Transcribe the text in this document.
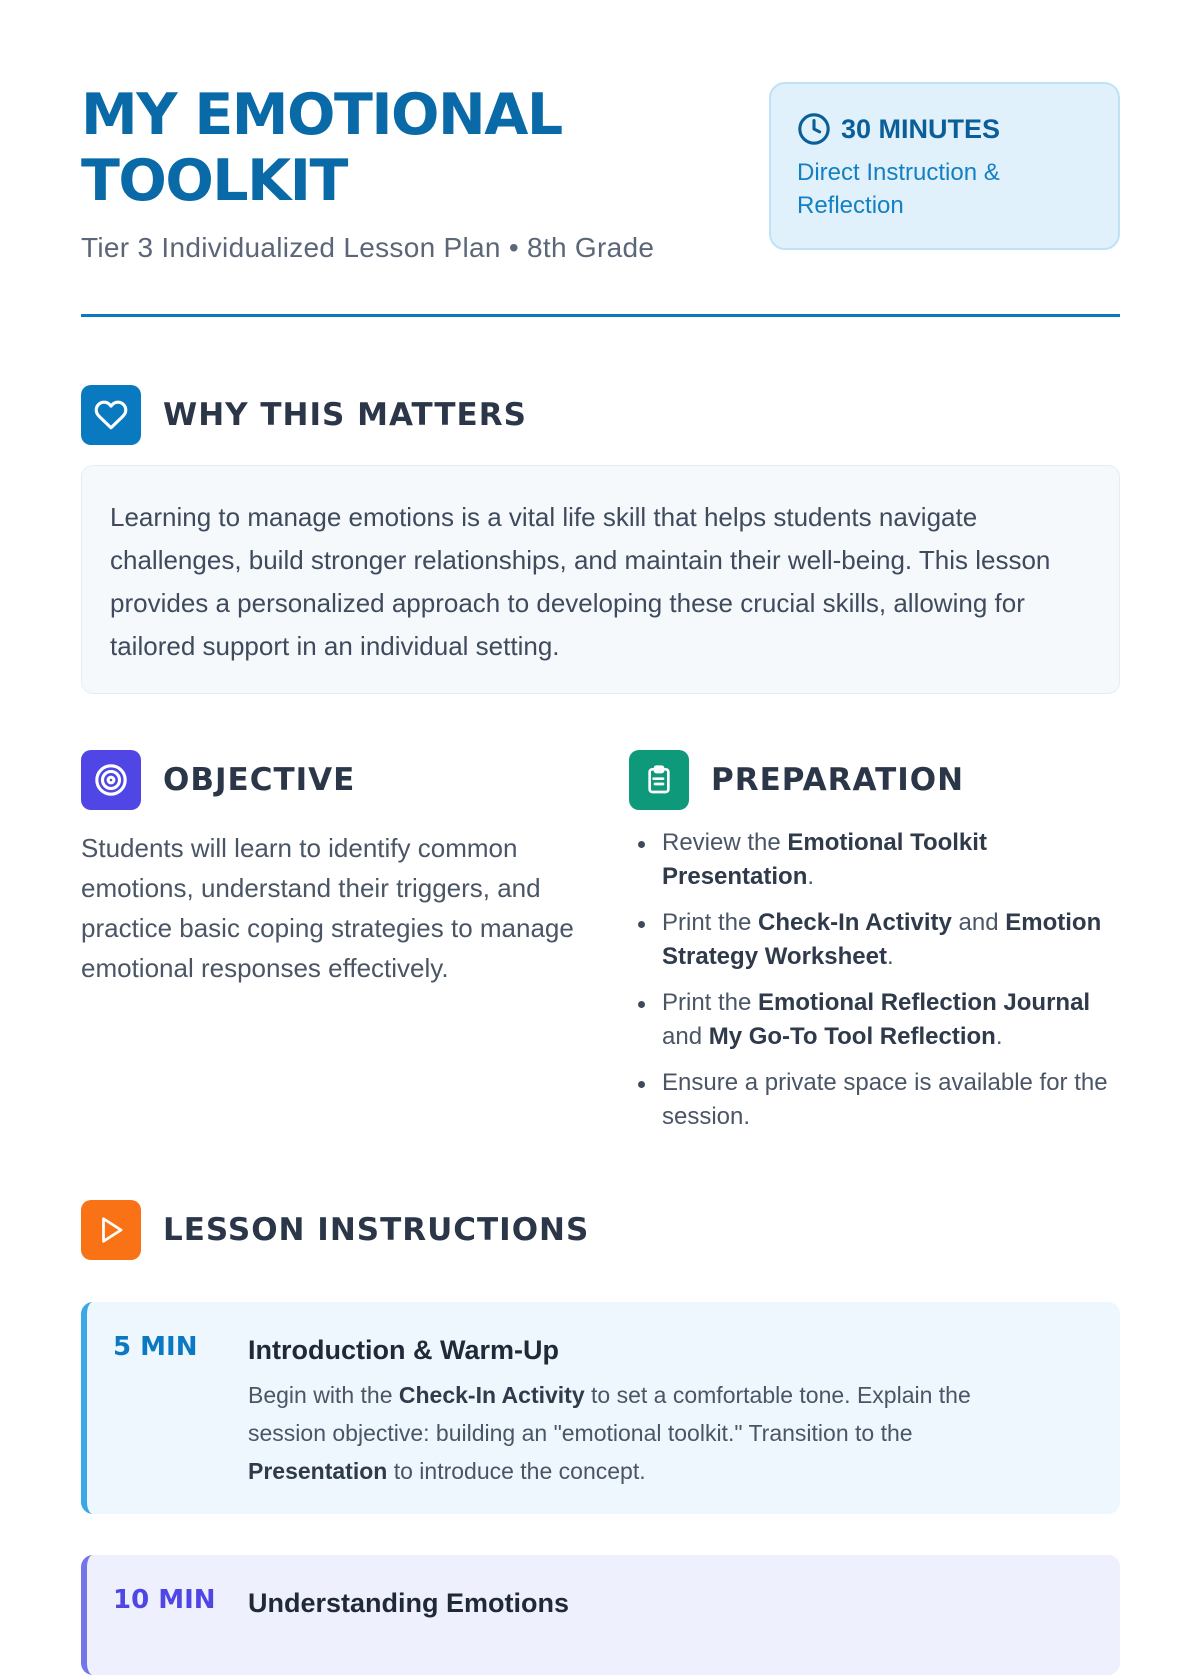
MY EMOTIONAL
TOOLKIT
Tier 3 Individualized Lesson Plan • 8th Grade
30 MINUTES
Direct Instruction &
Reflection
WHY THIS MATTERS

Learning to manage emotions is a vital life skill that helps students navigate challenges, build stronger relationships, and maintain their well-being. This lesson provides a personalized approach to developing these crucial skills, allowing for tailored support in an individual setting.

OBJECTIVE

Students will learn to identify common emotions, understand their triggers, and practice basic coping strategies to manage emotional responses effectively.

PREPARATION
Review the Emotional Toolkit Presentation.
Print the Check-In Activity and Emotion Strategy Worksheet.
Print the Emotional Reflection Journal and My Go-To Tool Reflection.
Ensure a private space is available for the session.
LESSON INSTRUCTIONS
5 MIN Introduction & Warm-Up

Begin with the Check-In Activity to set a comfortable tone. Explain the session objective: building an "emotional toolkit." Transition to the Presentation to introduce the concept.

10 MIN Understanding Emotions
